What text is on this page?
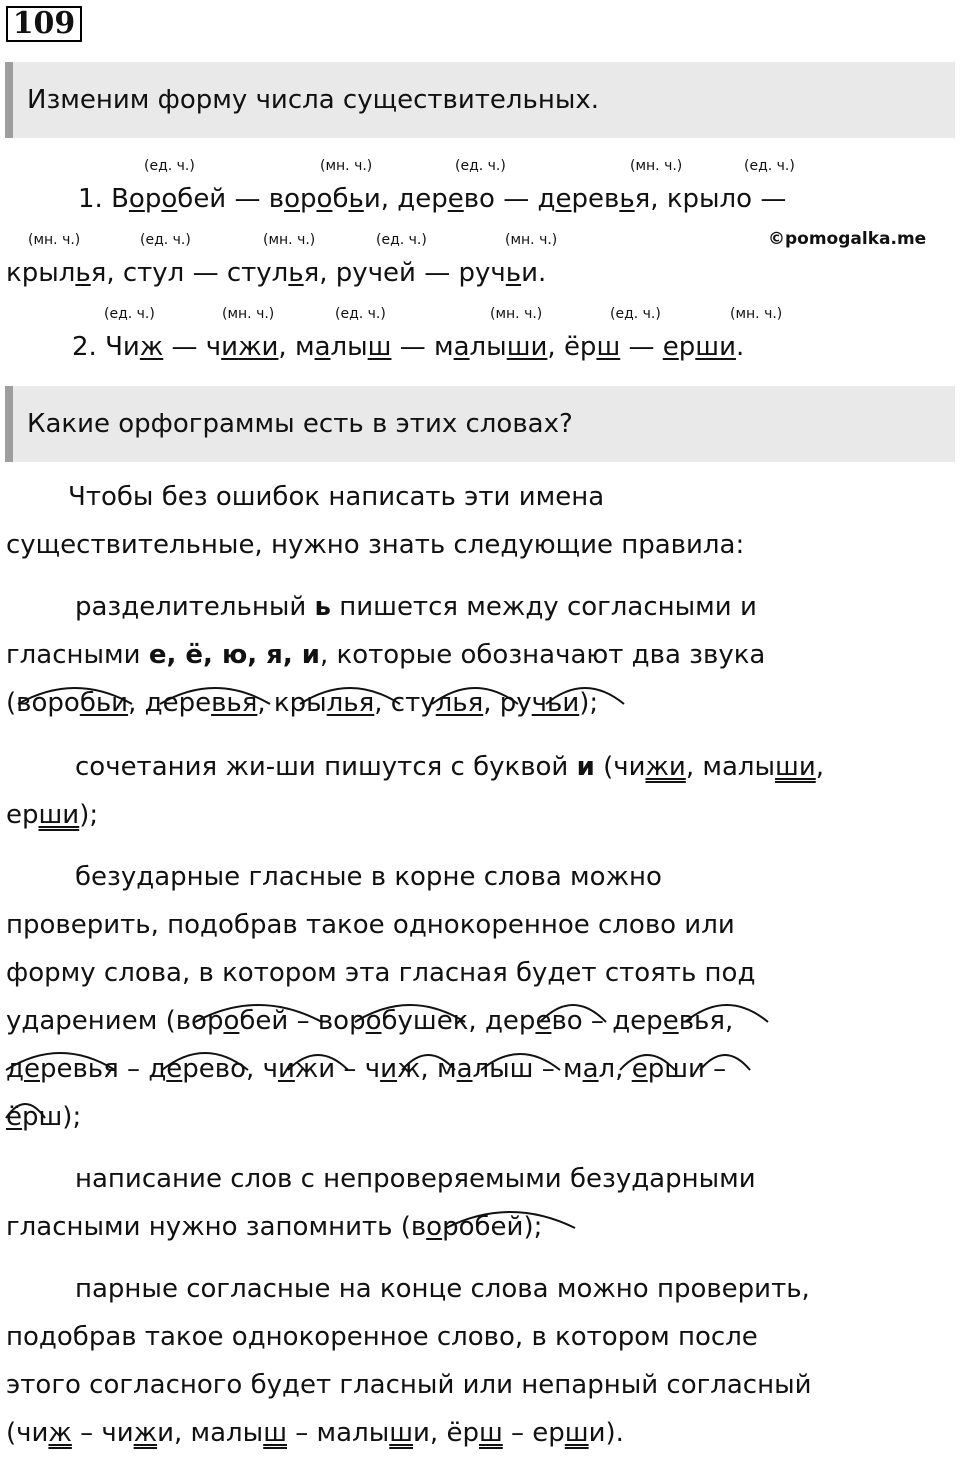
109
Изменим форму числа существительных.
(ед. ч.)	(мн. ч.)	(ед. ч.)	(мн. ч.)	(ед. ч.)
1. Воробей — воробьи, дерево — деревья, крыло —
(мн. ч.)	(ед. ч.)	(мн. ч.)	(ед. ч.)	(мн. ч.)	©pomogalka.me
крылья, стул — стулья, ручей — ручьи.
(ед. ч.)	(мн. ч.)	(ед. ч.)	(мн. ч.)	(ед. ч.)	(мн. ч.)
2. Чиж — чижи, малыш — малыши, ёрш — ерши.
Какие орфограммы есть в этих словах?
Чтобы без ошибок написать эти имена
существительные, нужно знать следующие правила:
разделительный ь пишется между согласными и
гласными е, ё, ю, я, и, которые обозначают два звука
(воробьи, деревья, крылья, стулья, ручьи);
сочетания жи-ши пишутся с буквой и (чижи, малыши,
ерши);
безударные гласные в корне слова можно
проверить, подобрав такое однокоренное слово или
форму слова, в котором эта гласная будет стоять под
ударением (воробей – воробушек, дерево – деревья,
деревья – дерево, чижи – чиж, малыш – мал, ерши –
ёрш);
написание слов с непроверяемыми безударными
гласными нужно запомнить (воробей);
парные согласные на конце слова можно проверить,
подобрав такое однокоренное слово, в котором после
этого согласного будет гласный или непарный согласный
(чиж – чижи, малыш – малыши, ёрш – ерши).
